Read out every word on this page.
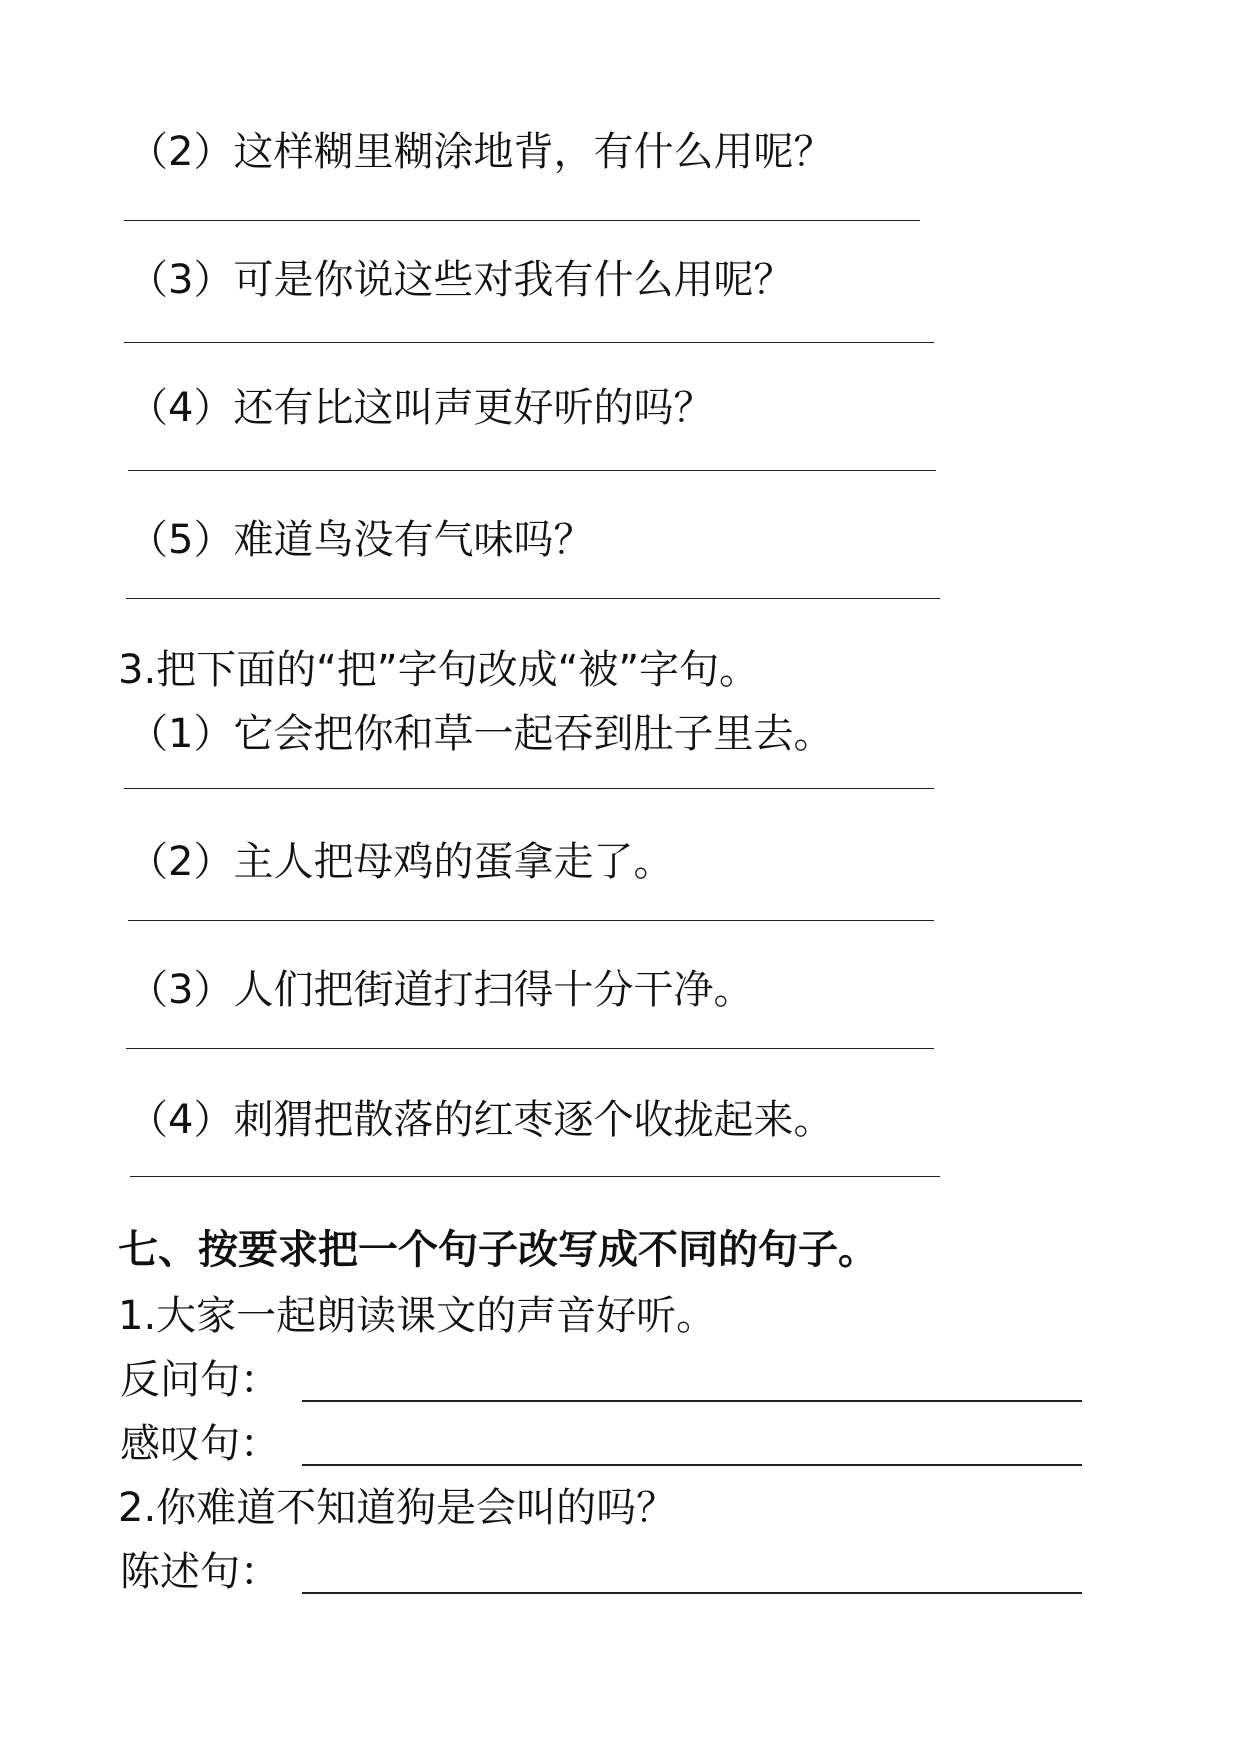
（2）这样糊里糊涂地背，有什么用呢？
（3）可是你说这些对我有什么用呢？
（4）还有比这叫声更好听的吗？
（5）难道鸟没有气味吗？
3.把下面的“把”字句改成“被”字句。
（1）它会把你和草一起吞到肚子里去。
（2）主人把母鸡的蛋拿走了。
（3）人们把街道打扫得十分干净。
（4）刺猬把散落的红枣逐个收拢起来。
七、按要求把一个句子改写成不同的句子。
1.大家一起朗读课文的声音好听。
反问句：
感叹句：
2.你难道不知道狗是会叫的吗？
陈述句：
